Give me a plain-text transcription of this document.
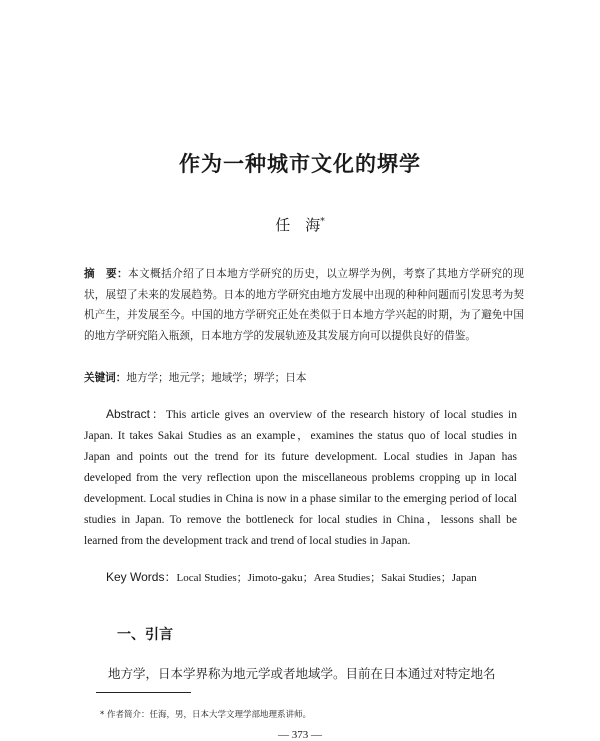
作为一种城市文化的堺学
任　海*
摘　要：本文概括介绍了日本地方学研究的历史，以立堺学为例，考察了其地方学研究的现状，展望了未来的发展趋势。日本的地方学研究由地方发展中出现的种种问题而引发思考为契机产生，并发展至今。中国的地方学研究正处在类似于日本地方学兴起的时期，为了避免中国的地方学研究陷入瓶颈，日本地方学的发展轨迹及其发展方向可以提供良好的借鉴。
关键词：地方学；地元学；地域学；堺学；日本
Abstract：This article gives an overview of the research history of local studies in Japan. It takes Sakai Studies as an example，examines the status quo of local studies in Japan and points out the trend for its future development. Local studies in Japan has developed from the very reflection upon the miscellaneous problems cropping up in local development. Local studies in China is now in a phase similar to the emerging period of local studies in Japan. To remove the bottleneck for local studies in China，lessons shall be learned from the development track and trend of local studies in Japan.
Key Words：Local Studies；Jimoto-gaku；Area Studies；Sakai Studies；Japan
一、引言
地方学，日本学界称为地元学或者地域学。目前在日本通过对特定地名
* 作者简介：任海，男，日本大学文理学部地理系讲师。
— 373 —
